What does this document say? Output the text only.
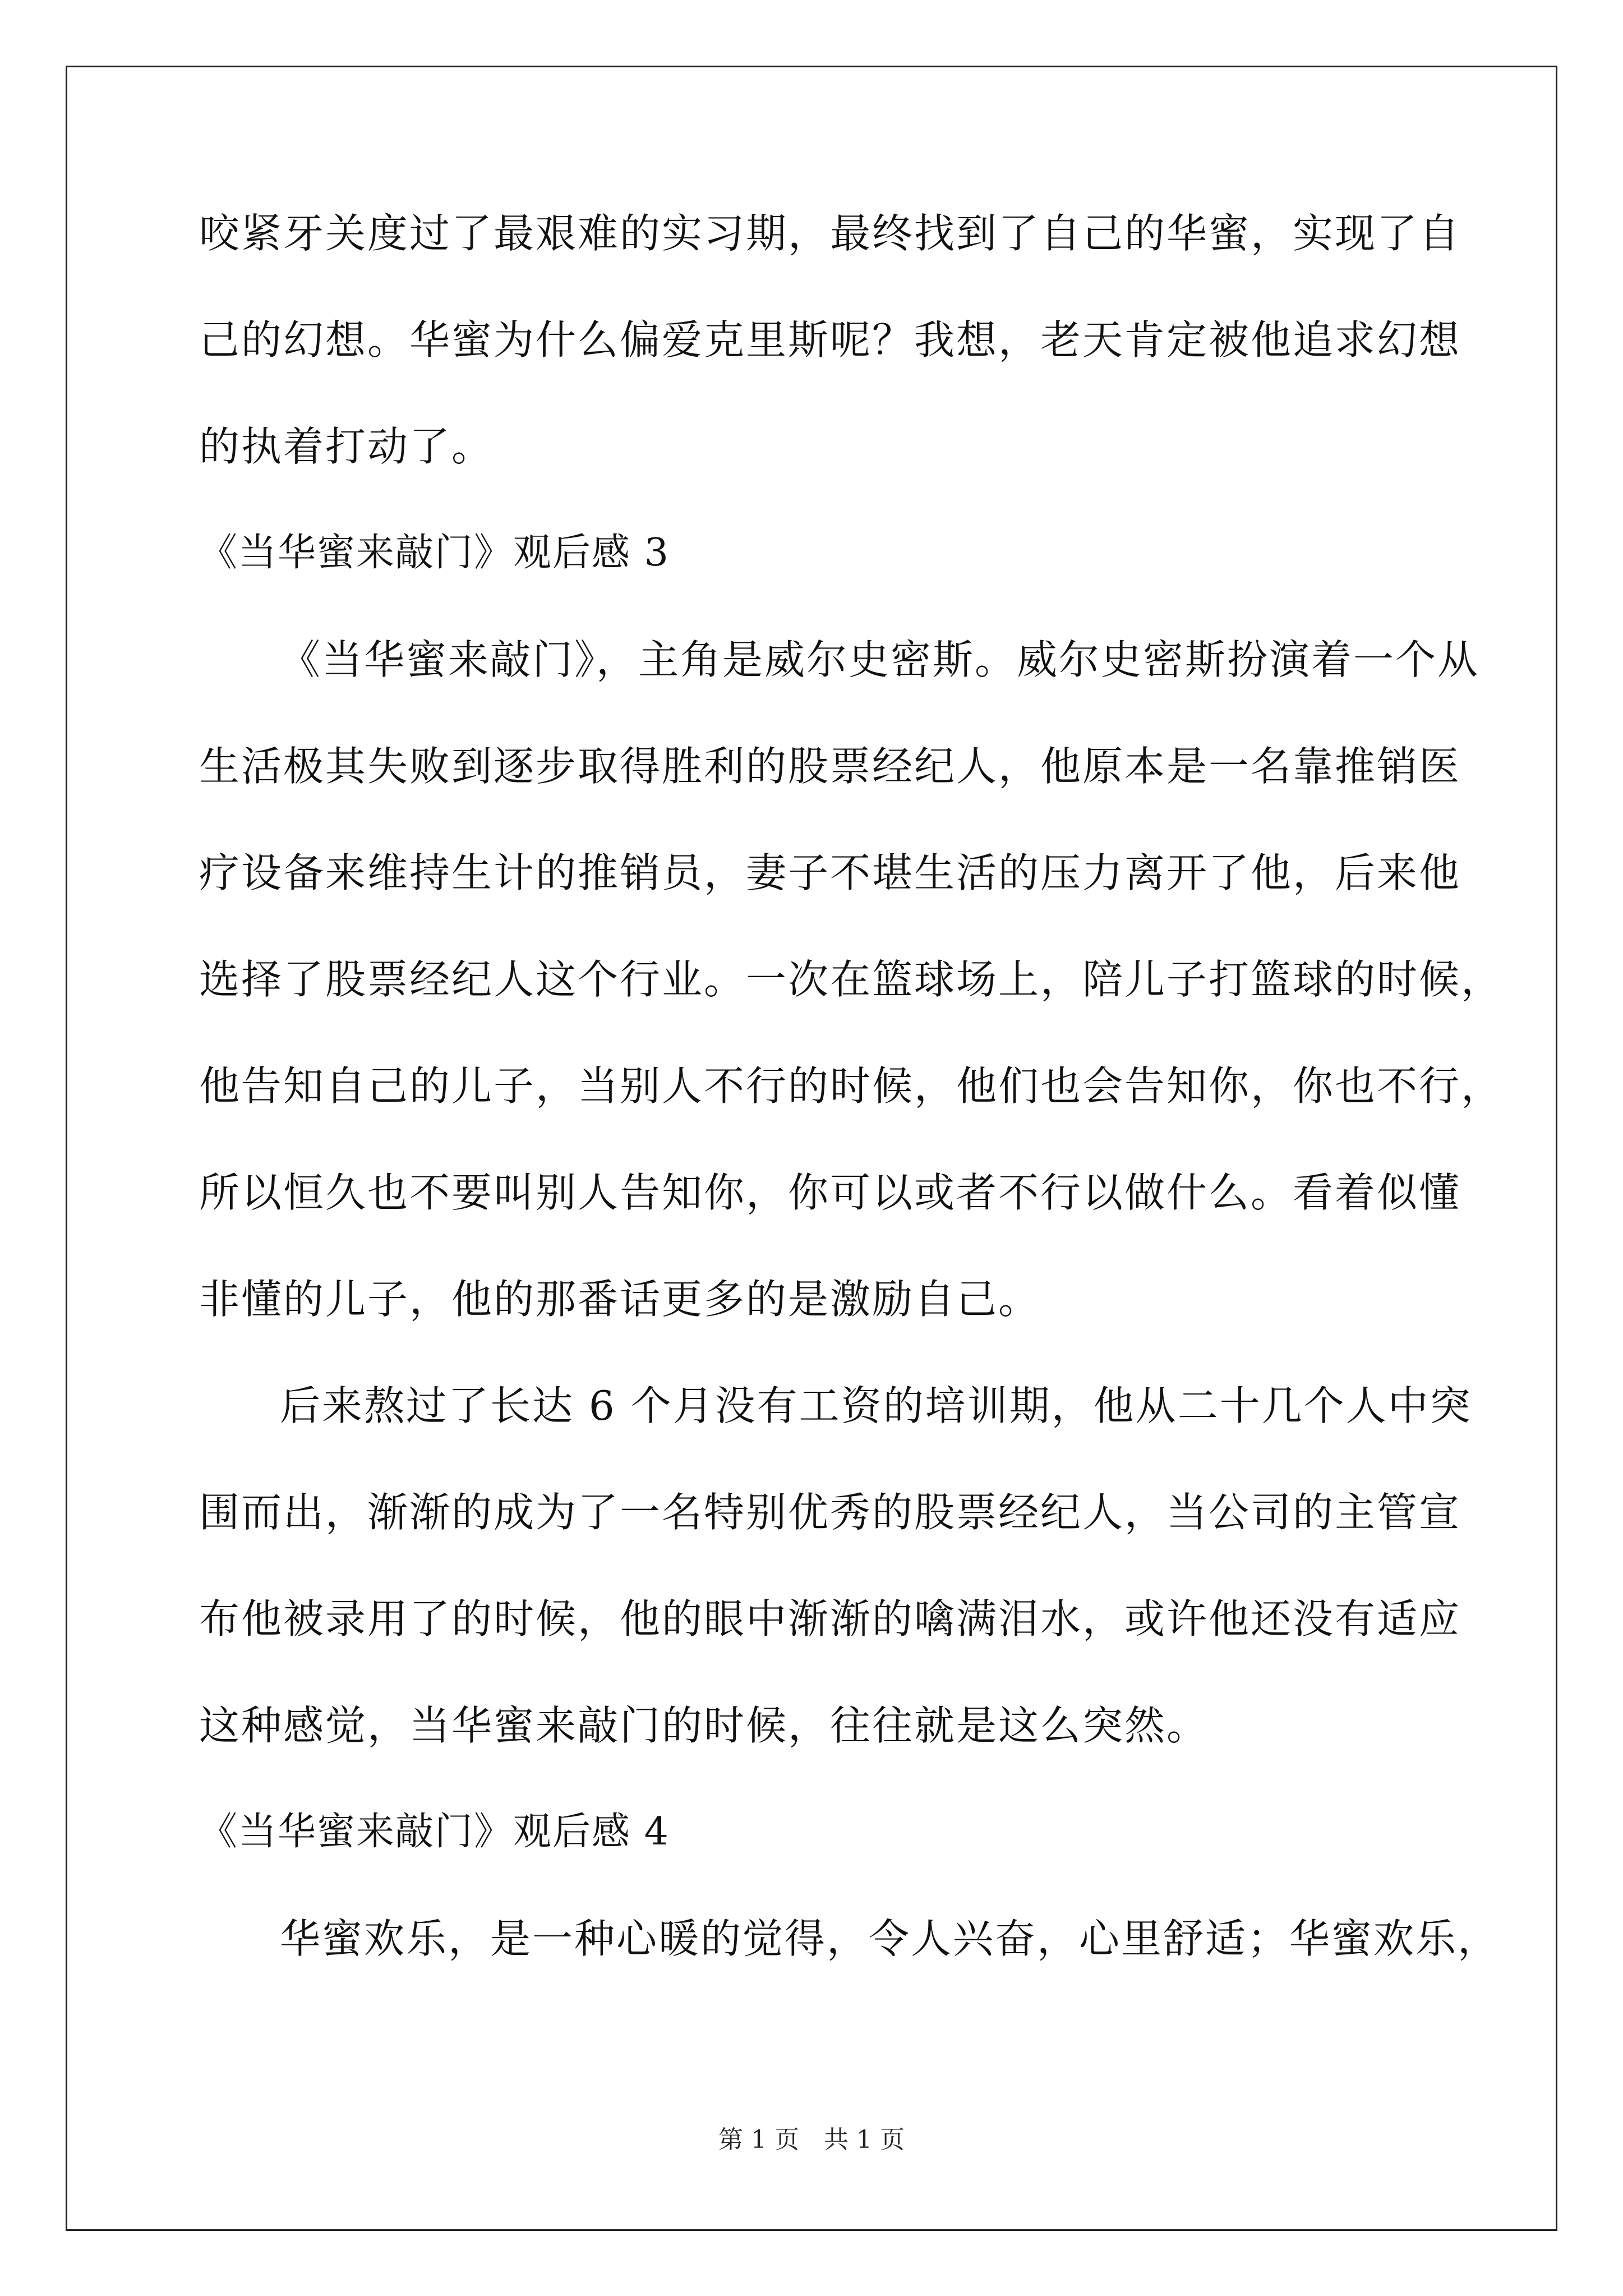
咬紧牙关度过了最艰难的实习期，最终找到了自己的华蜜，实现了自
己的幻想。华蜜为什么偏爱克里斯呢？我想，老天肯定被他追求幻想
的执着打动了。
《当华蜜来敲门》观后感 3
《当华蜜来敲门》，主角是威尔史密斯。威尔史密斯扮演着一个从
生活极其失败到逐步取得胜利的股票经纪人，他原本是一名靠推销医
疗设备来维持生计的推销员，妻子不堪生活的压力离开了他，后来他
选择了股票经纪人这个行业。一次在篮球场上，陪儿子打篮球的时候，
他告知自己的儿子，当别人不行的时候，他们也会告知你，你也不行，
所以恒久也不要叫别人告知你，你可以或者不行以做什么。看着似懂
非懂的儿子，他的那番话更多的是激励自己。
后来熬过了长达 6 个月没有工资的培训期，他从二十几个人中突
围而出，渐渐的成为了一名特别优秀的股票经纪人，当公司的主管宣
布他被录用了的时候，他的眼中渐渐的噙满泪水，或许他还没有适应
这种感觉，当华蜜来敲门的时候，往往就是这么突然。
《当华蜜来敲门》观后感 4
华蜜欢乐，是一种心暖的觉得，令人兴奋，心里舒适；华蜜欢乐，
第 1 页　共 1 页
